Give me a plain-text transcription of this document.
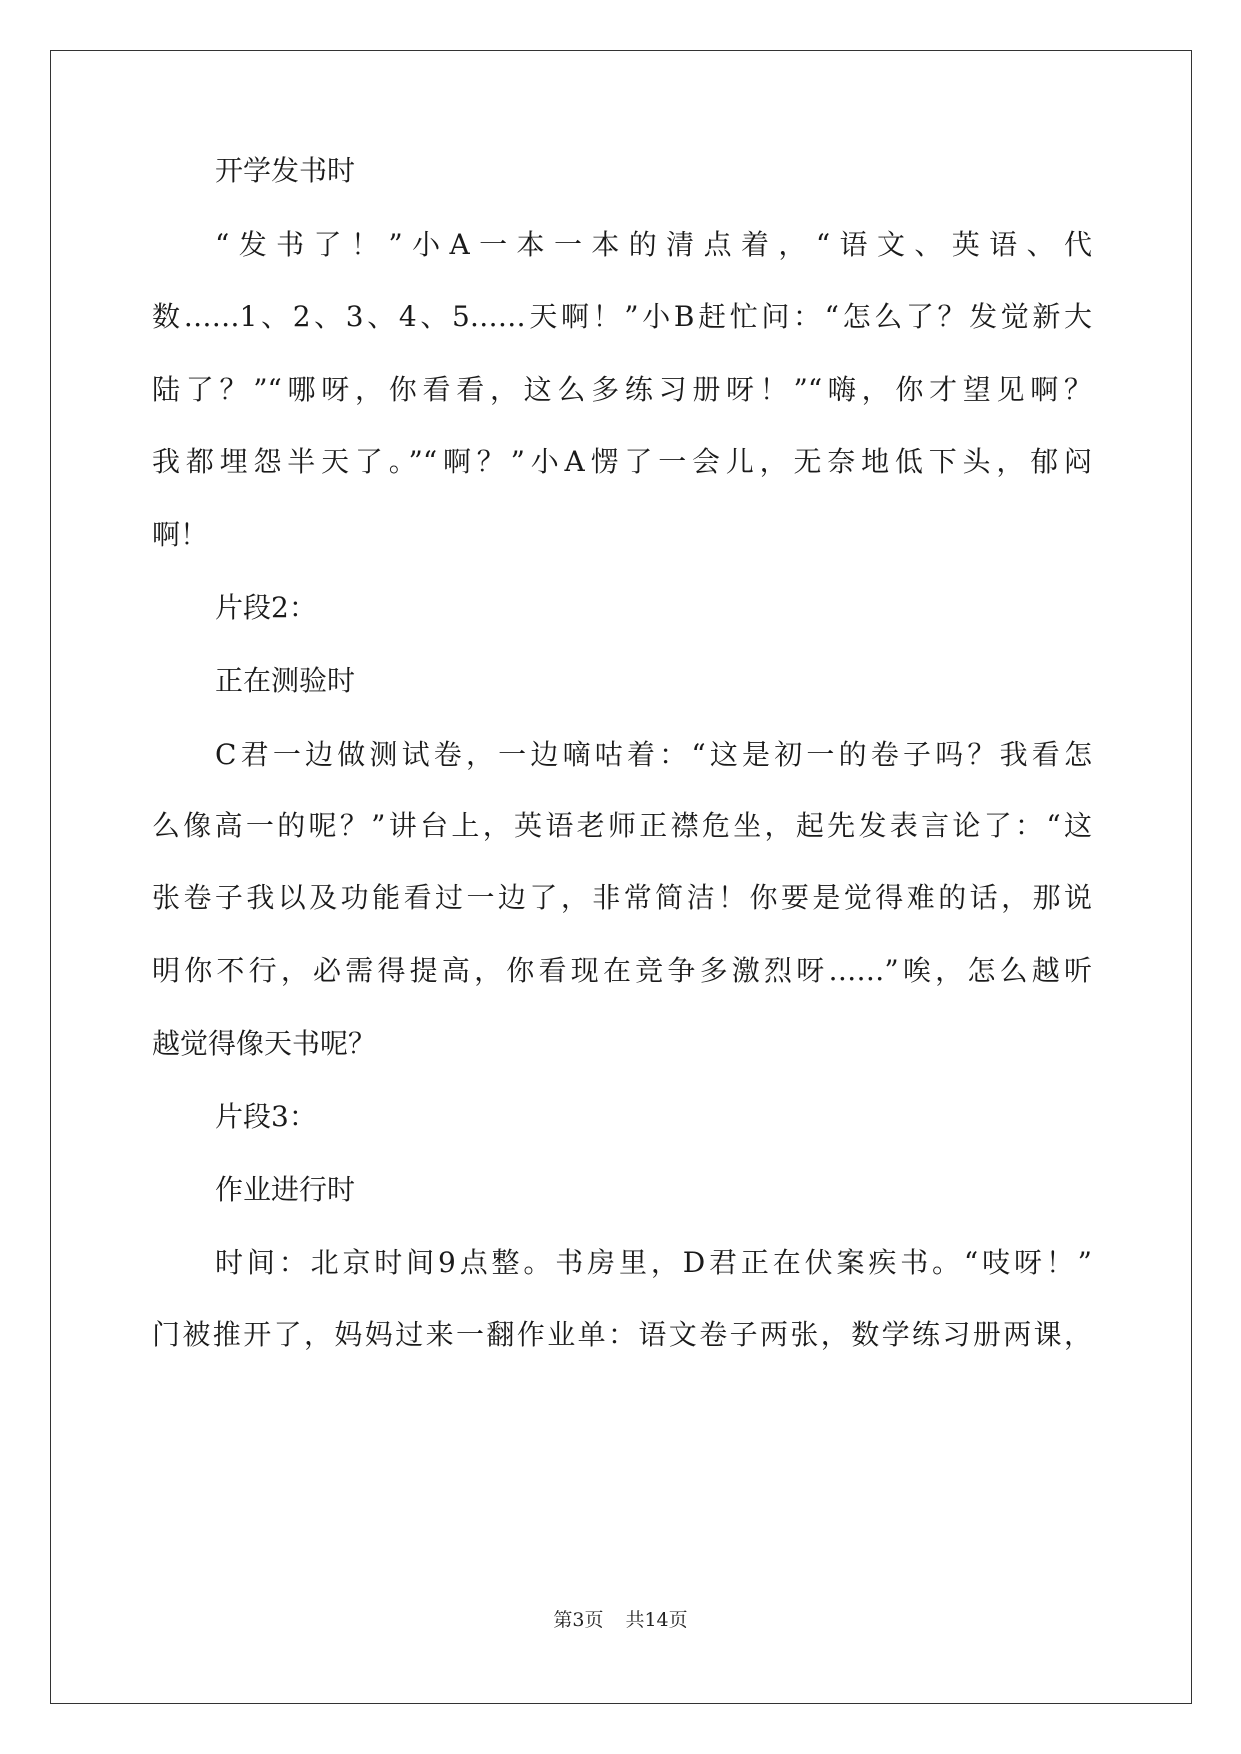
开学发书时
“发书了！”小A一本一本的清点着，“语文、英语、代
数……1、2、3、4、5……天啊！”小B赶忙问：“怎么了？发觉新大
陆了？”“哪呀，你看看，这么多练习册呀！”“嗨，你才望见啊？
我都埋怨半天了。”“啊？”小A愣了一会儿，无奈地低下头，郁闷
啊！
片段2：
正在测验时
C君一边做测试卷，一边嘀咕着：“这是初一的卷子吗？我看怎
么像高一的呢？”讲台上，英语老师正襟危坐，起先发表言论了：“这
张卷子我以及功能看过一边了，非常简洁！你要是觉得难的话，那说
明你不行，必需得提高，你看现在竞争多激烈呀……”唉，怎么越听
越觉得像天书呢？
片段3：
作业进行时
时间：北京时间9点整。书房里，D君正在伏案疾书。“吱呀！”
门被推开了，妈妈过来一翻作业单：语文卷子两张，数学练习册两课，
第3页 共14页
